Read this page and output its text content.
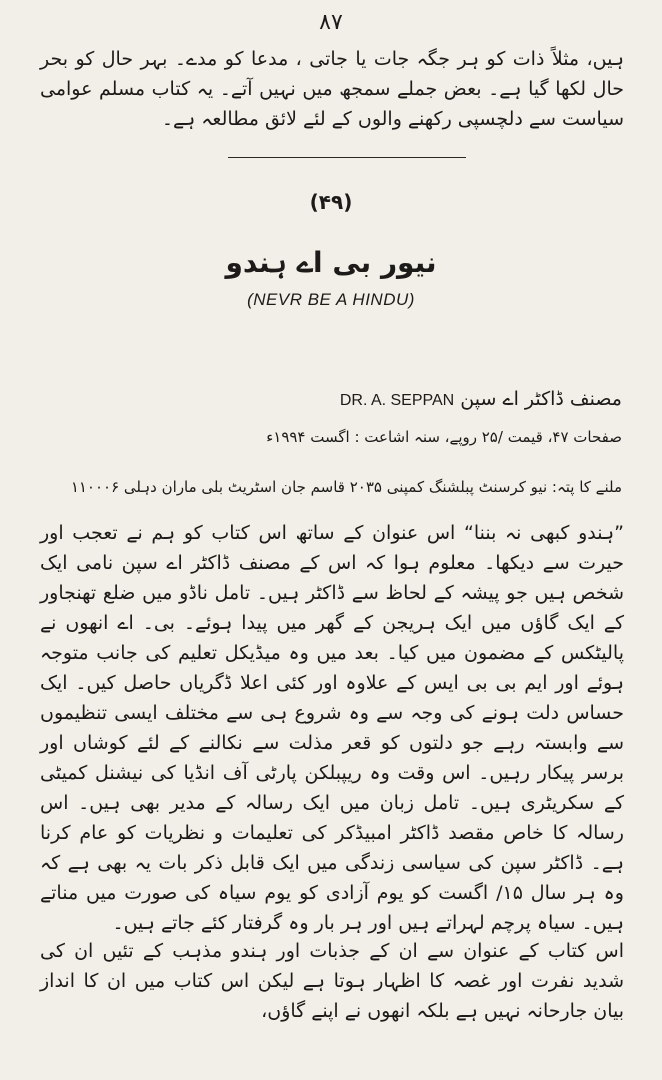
۸۷

ہیں، مثلاً ذات کو ہر جگہ جات یا جاتی ، مدعا کو مدے۔ بہر حال کو بحر حال لکھا گیا ہے۔ بعض جملے سمجھ میں نہیں آتے۔ یہ کتاب مسلم عوامی سیاست سے دلچسپی رکھنے والوں کے لئے لائق مطالعہ ہے۔

(۴۹)
نیور بی اے ہندو
(NEVR BE A HINDU)

مصنف ڈاکٹر اے سپن DR. A. SEPPAN

صفحات ۴۷، قیمت /۲۵ روپے، سنہ اشاعت : اگست ۱۹۹۴ء

ملنے کا پتہ: نیو کرسنٹ پبلشنگ کمپنی ۲۰۳۵ قاسم جان اسٹریٹ بلی ماران دہلی ۱۱۰۰۰۶

”ہندو کبھی نہ بننا“ اس عنوان کے ساتھ اس کتاب کو ہم نے تعجب اور حیرت سے دیکھا۔ معلوم ہوا کہ اس کے مصنف ڈاکٹر اے سپن نامی ایک شخص ہیں جو پیشہ کے لحاظ سے ڈاکٹر ہیں۔ تامل ناڈو میں ضلع تھنجاور کے ایک گاؤں میں ایک ہریجن کے گھر میں پیدا ہوئے۔ بی۔ اے انھوں نے پالیٹکس کے مضمون میں کیا۔ بعد میں وہ میڈیکل تعلیم کی جانب متوجہ ہوئے اور ایم بی بی ایس کے علاوہ اور کئی اعلا ڈگریاں حاصل کیں۔ ایک حساس دلت ہونے کی وجہ سے وہ شروع ہی سے مختلف ایسی تنظیموں سے وابستہ رہے جو دلتوں کو قعر مذلت سے نکالنے کے لئے کوشاں اور برسر پیکار رہیں۔ اس وقت وہ ریپبلکن پارٹی آف انڈیا کی نیشنل کمیٹی کے سکریٹری ہیں۔ تامل زبان میں ایک رسالہ کے مدیر بھی ہیں۔ اس رسالہ کا خاص مقصد ڈاکٹر امبیڈکر کی تعلیمات و نظریات کو عام کرنا ہے۔ ڈاکٹر سپن کی سیاسی زندگی میں ایک قابل ذکر بات یہ بھی ہے کہ وہ ہر سال ۱۵/ اگست کو یوم آزادی کو یوم سیاہ کی صورت میں مناتے ہیں۔ سیاہ پرچم لہراتے ہیں اور ہر بار وہ گرفتار کئے جاتے ہیں۔

اس کتاب کے عنوان سے ان کے جذبات اور ہندو مذہب کے تئیں ان کی شدید نفرت اور غصہ کا اظہار ہوتا ہے لیکن اس کتاب میں ان کا انداز بیان جارحانہ نہیں ہے بلکہ انھوں نے اپنے گاؤں،
